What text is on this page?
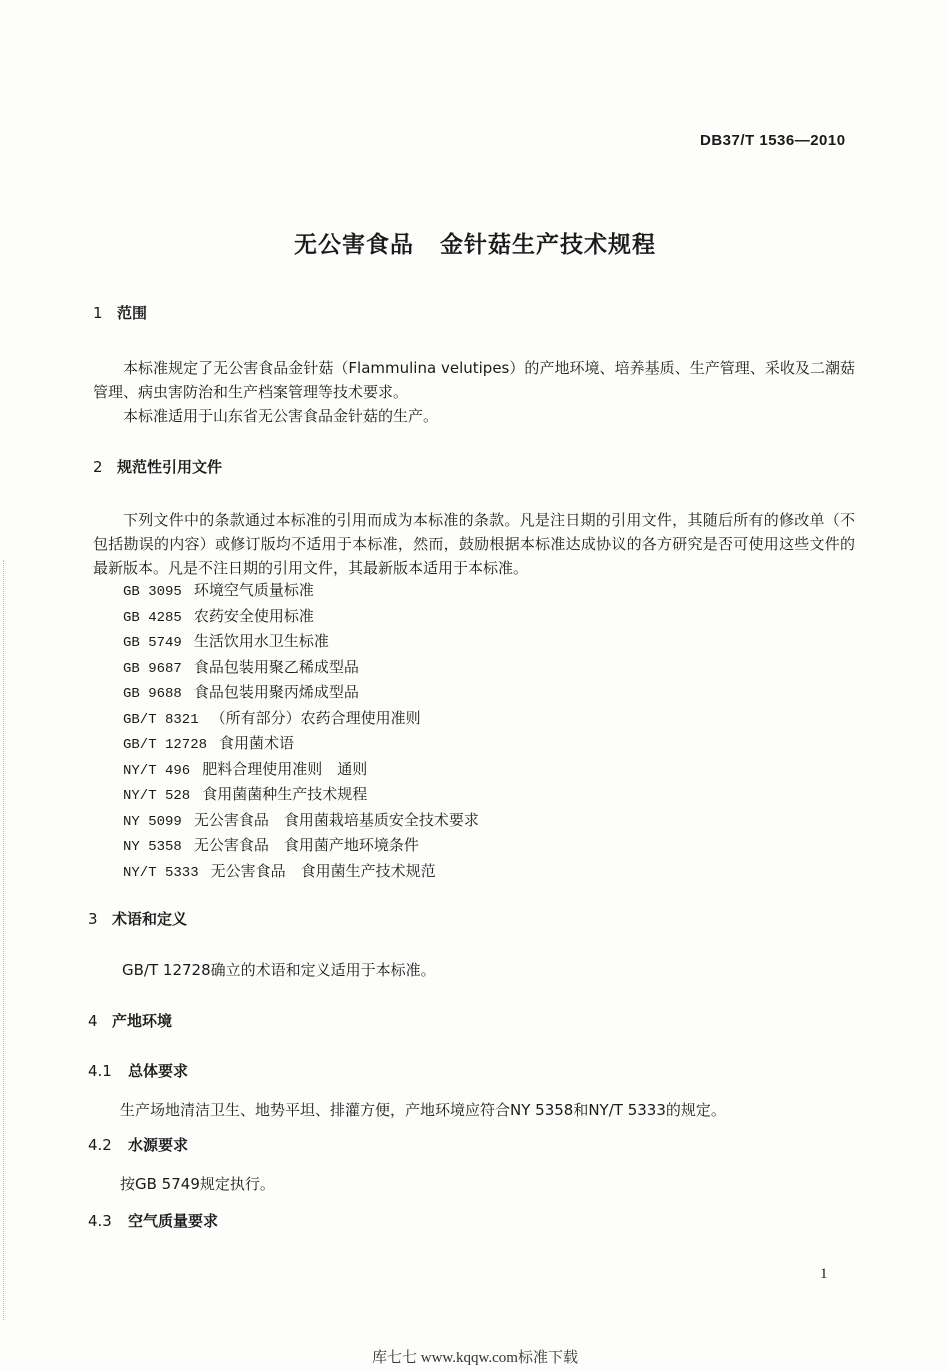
DB37/T 1536—2010
无公害食品 金针菇生产技术规程
1 范围
本标准规定了无公害食品金针菇（Flammulina velutipes）的产地环境、培养基质、生产管理、采收及二潮菇管理、病虫害防治和生产档案管理等技术要求。
本标准适用于山东省无公害食品金针菇的生产。
2 规范性引用文件
下列文件中的条款通过本标准的引用而成为本标准的条款。凡是注日期的引用文件，其随后所有的修改单（不包括勘误的内容）或修订版均不适用于本标准，然而，鼓励根据本标准达成协议的各方研究是否可使用这些文件的最新版本。凡是不注日期的引用文件，其最新版本适用于本标准。
GB 3095 环境空气质量标准
GB 4285 农药安全使用标准
GB 5749 生活饮用水卫生标准
GB 9687 食品包装用聚乙稀成型品
GB 9688 食品包装用聚丙烯成型品
GB/T 8321 （所有部分）农药合理使用准则
GB/T 12728 食用菌术语
NY/T 496 肥料合理使用准则　通则
NY/T 528 食用菌菌种生产技术规程
NY 5099 无公害食品　食用菌栽培基质安全技术要求
NY 5358 无公害食品　食用菌产地环境条件
NY/T 5333 无公害食品　食用菌生产技术规范
3 术语和定义
GB/T 12728确立的术语和定义适用于本标准。
4 产地环境
4.1 总体要求
生产场地清洁卫生、地势平坦、排灌方便，产地环境应符合NY 5358和NY/T 5333的规定。
4.2 水源要求
按GB 5749规定执行。
4.3 空气质量要求
1
库七七 www.kqqw.com标准下载
